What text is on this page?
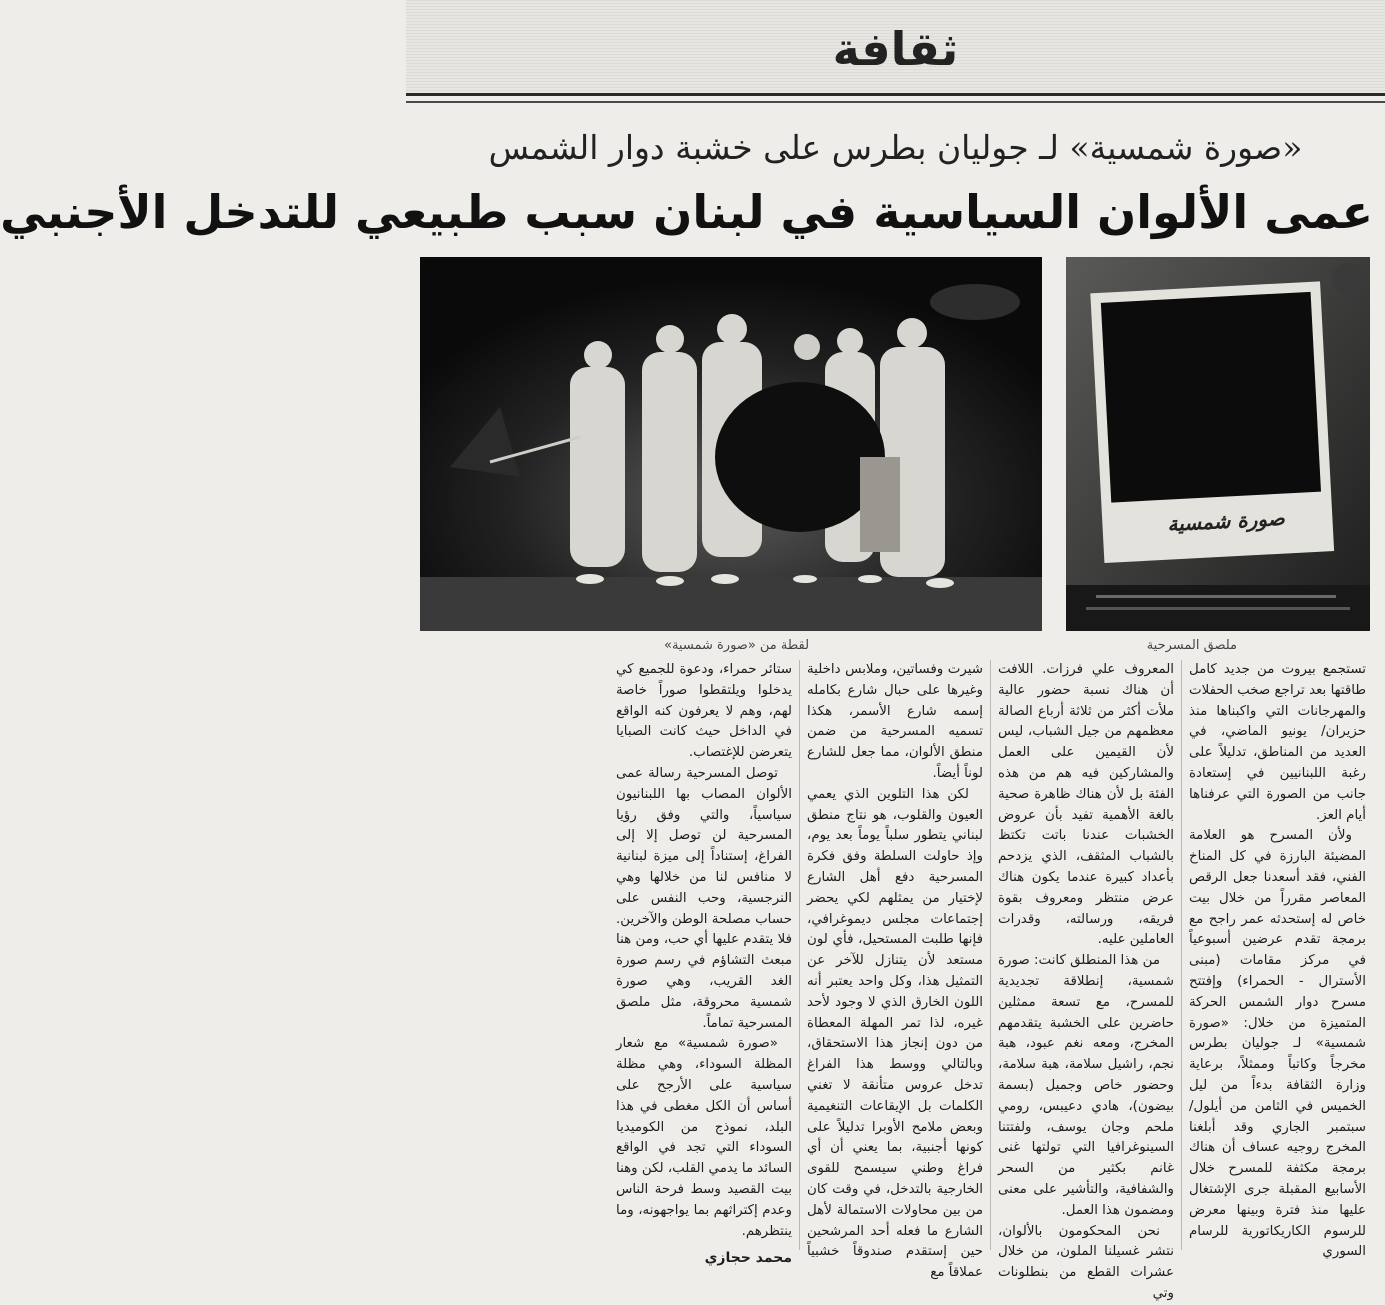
ثقافة
«صورة شمسية» لـ جوليان بطرس على خشبة دوار الشمس
عمى الألوان السياسية في لبنان سبب طبيعي للتدخل الأجنبي
صورة شمسية
لقطة من «صورة شمسية»	ملصق المسرحية

تستجمع بيروت من جديد كامل طاقتها بعد تراجع صخب الحفلات والمهرجانات التي واكبناها منذ حزيران/ يونيو الماضي، في العديد من المناطق، تدليلاً على رغبة اللبنانيين في إستعادة جانب من الصورة التي عرفناها أيام العز.

ولأن المسرح هو العلامة المضيئة البارزة في كل المناخ الفني، فقد أسعدنا جعل الرقص المعاصر مقرراً من خلال بيت خاص له إستحدثه عمر راجح مع برمجة تقدم عرضين أسبوعياً في مركز مقامات (مبنى الأسترال - الحمراء) وإفتتح مسرح دوار الشمس الحركة المتميزة من خلال: «صورة شمسية» لـ جوليان بطرس مخرجاً وكاتباً وممثلاً، برعاية وزارة الثقافة بدءاً من ليل الخميس في الثامن من أيلول/ سبتمبر الجاري وقد أبلغنا المخرج روجيه عساف أن هناك برمجة مكثفة للمسرح خلال الأسابيع المقبلة جرى الإشتغال عليها منذ فترة وبينها معرض للرسوم الكاريكاتورية للرسام السوري

المعروف علي فرزات. اللافت أن هناك نسبة حضور عالية ملأت أكثر من ثلاثة أرباع الصالة معظمهم من جيل الشباب، ليس لأن القيمين على العمل والمشاركين فيه هم من هذه الفئة بل لأن هناك ظاهرة صحية بالغة الأهمية تفيد بأن عروض الخشبات عندنا باتت تكتظ بالشباب المثقف، الذي يزدحم بأعداد كبيرة عندما يكون هناك عرض منتظر ومعروف بقوة فريقه، ورسالته، وقدرات العاملين عليه.

من هذا المنطلق كانت: صورة شمسية، إنطلاقة تجديدية للمسرح، مع تسعة ممثلين حاضرين على الخشبة يتقدمهم المخرج، ومعه نغم عبود، هبة نجم، راشيل سلامة، هبة سلامة، وحضور خاص وجميل (بسمة بيضون)، هادي دعيبس، رومي ملحم وجان يوسف، ولفتتنا السينوغرافيا التي تولتها غنى غانم بكثير من السحر والشفافية، والتأشير على معنى ومضمون هذا العمل.

نحن المحكومون بالألوان، نتشر غسيلنا الملون، من خلال عشرات القطع من بنطلونات وتي

شيرت وفساتين، وملابس داخلية وغيرها على حبال شارع بكامله إسمه شارع الأسمر، هكذا تسميه المسرحية من ضمن منطق الألوان، مما جعل للشارع لوناً أيضاً.

لكن هذا التلوين الذي يعمي العيون والقلوب، هو نتاج منطق لبناني يتطور سلباً يوماً بعد يوم، وإذ حاولت السلطة وفق فكرة المسرحية دفع أهل الشارع لإختيار من يمثلهم لكي يحضر إجتماعات مجلس ديموغرافي، فإنها طلبت المستحيل، فأي لون مستعد لأن يتنازل للآخر عن التمثيل هذا، وكل واحد يعتبر أنه اللون الخارق الذي لا وجود لأحد غيره، لذا تمر المهلة المعطاة من دون إنجاز هذا الاستحقاق، وبالتالي ووسط هذا الفراغ تدخل عروس متأنقة لا تغني الكلمات بل الإيقاعات التنغيمية وبعض ملامح الأوبرا تدليلاً على كونها أجنبية، بما يعني أن أي فراغ وطني سيسمح للقوى الخارجية بالتدخل، في وقت كان من بين محاولات الاستمالة لأهل الشارع ما فعله أحد المرشحين حين إستقدم صندوقاً خشبياً عملاقاً مع

ستائر حمراء، ودعوة للجميع كي يدخلوا ويلتقطوا صوراً خاصة لهم، وهم لا يعرفون كنه الواقع في الداخل حيث كانت الصبايا يتعرضن للإغتصاب.

توصل المسرحية رسالة عمى الألوان المصاب بها اللبنانيون سياسياً، والتي وفق رؤيا المسرحية لن توصل إلا إلى الفراغ، إستناداً إلى ميزة لبنانية لا منافس لنا من خلالها وهي النرجسية، وحب النفس على حساب مصلحة الوطن والآخرين. فلا يتقدم عليها أي حب، ومن هنا مبعث التشاؤم في رسم صورة الغد القريب، وهي صورة شمسية محروقة، مثل ملصق المسرحية تماماً.

«صورة شمسية» مع شعار المظلة السوداء، وهي مظلة سياسية على الأرجح على أساس أن الكل مغطى في هذا البلد، نموذج من الكوميديا السوداء التي تجد في الواقع السائد ما يدمي القلب، لكن وهنا بيت القصيد وسط فرحة الناس وعدم إكتراثهم بما يواجهونه، وما ينتظرهم.

محمد حجازي
